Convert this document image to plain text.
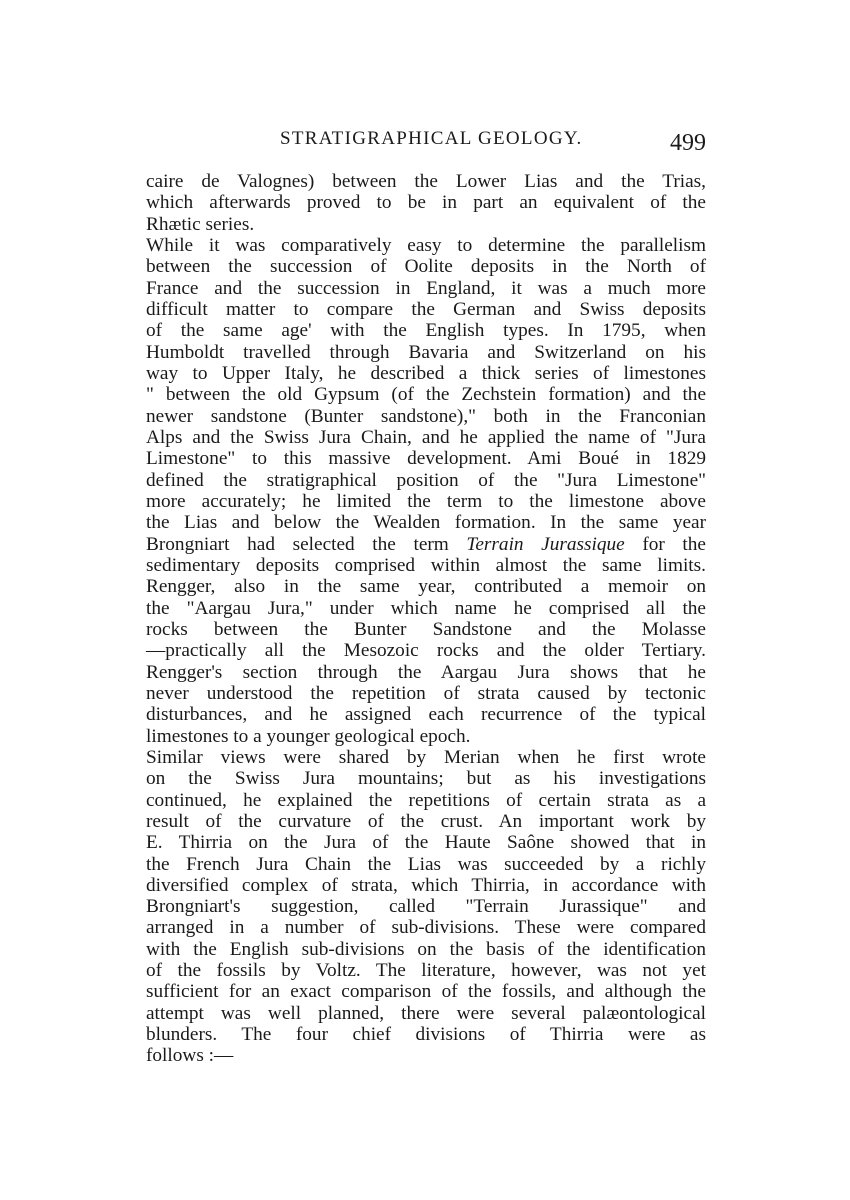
STRATIGRAPHICAL GEOLOGY.	499
caire de Valognes) between the Lower Lias and the Trias,
which afterwards proved to be in part an equivalent of the
Rhætic series.
While it was comparatively easy to determine the parallelism
between the succession of Oolite deposits in the North of
France and the succession in England, it was a much more
difficult matter to compare the German and Swiss deposits
of the same age' with the English types. In 1795, when
Humboldt travelled through Bavaria and Switzerland on his
way to Upper Italy, he described a thick series of limestones
" between the old Gypsum (of the Zechstein formation) and the
newer sandstone (Bunter sandstone)," both in the Franconian
Alps and the Swiss Jura Chain, and he applied the name of "Jura
Limestone" to this massive development. Ami Boué in 1829
defined the stratigraphical position of the "Jura Limestone"
more accurately; he limited the term to the limestone above
the Lias and below the Wealden formation. In the same year
Brongniart had selected the term Terrain Jurassique for the
sedimentary deposits comprised within almost the same limits.
Rengger, also in the same year, contributed a memoir on
the "Aargau Jura," under which name he comprised all the
rocks between the Bunter Sandstone and the Molasse
—practically all the Mesozoic rocks and the older Tertiary.
Rengger's section through the Aargau Jura shows that he
never understood the repetition of strata caused by tectonic
disturbances, and he assigned each recurrence of the typical
limestones to a younger geological epoch.
Similar views were shared by Merian when he first wrote
on the Swiss Jura mountains; but as his investigations
continued, he explained the repetitions of certain strata as a
result of the curvature of the crust. An important work by
E. Thirria on the Jura of the Haute Saône showed that in
the French Jura Chain the Lias was succeeded by a richly
diversified complex of strata, which Thirria, in accordance with
Brongniart's suggestion, called "Terrain Jurassique" and
arranged in a number of sub-divisions. These were compared
with the English sub-divisions on the basis of the identification
of the fossils by Voltz. The literature, however, was not yet
sufficient for an exact comparison of the fossils, and although the
attempt was well planned, there were several palæontological
blunders. The four chief divisions of Thirria were as
follows :—
